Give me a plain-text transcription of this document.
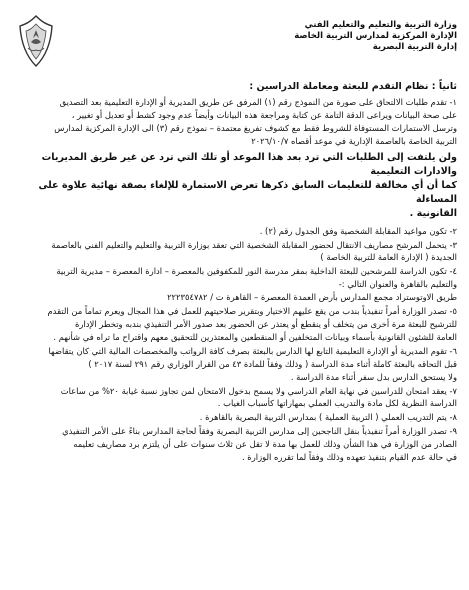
وزارة التربية والتعليم والتعليم الفني
الإدارة المركزية لمدارس التربية الخاصة
إدارة التربية البصرية
ثانياً : نظام التقدم للبعثة ومعاملة الدراسين :

١- تقدم طلبات الالتحاق على صورة من النموذج رقم (١) المرفق عن طريق المديرية أو الإدارة التعليمية بعد التصديق

على صحة البيانات ويراعى الدقة التامة عن كتابة ومراجعة هذه البيانات وأيضاً عدم وجود كشط أو تعديل أو تغيير ،

وترسل الاستمارات المستوفاة للشروط فقط مع كشوف تفريغ معتمدة – نموذج رقم (٣) الى الإدارة المركزية لمدارس

التربية الخاصة بالعاصمة الإدارية في موعد أقصاه ٢٠٢٦/١٠/٧

ولن يلتفت إلى الطلبات التي ترد بعد هذا الموعد أو تلك التي ترد عن غير طريق المديريات والادارات التعليمية
كما أن أي مخالفة للتعليمات السابق ذكرها تعرض الاستمارة للإلغاء بصفة نهائية علاوة على المساءلة
القانونية .

٢- تكون مواعيد المقابلة الشخصية وفق الجدول رقم (٢) .

٣- يتحمل المرشح مصاريف الانتقال لحضور المقابلة الشخصية التي تعقد بوزارة التربية والتعليم والتعليم الفني بالعاصمة

الجديدة ( الإدارة العامة للتربية الخاصة )

٤- تكون الدراسة للمرشحين للبعثة الداخلية بمقر مدرسة النور للمكفوفين بالمعصرة – ادارة المعصرة – مديرية التربية

والتعليم بالقاهرة والعنوان التالي :-

طريق الاوتوستراد مجمع المدارس بأرض العمدة المعصرة – القاهرة ت / ٢٢٢٣٥٤٧٨٢

٥- تصدر الوزارة أمراً تنفيذياً بندب من يقع عليهم الاختيار وبتقرير صلاحيتهم للعمل في هذا المجال ويعرم تماماً من التقدم

للترشيح للبعثة مرة أخرى من يتخلف أو ينقطع أو يعتذر عن الحضور بعد صدور الأمر التنفيذي بندبه وتخطر الإدارة

العامة للشئون القانونية بأسماء وبيانات المتخلفين أو المنقطعين والمعتذرين للتحقيق معهم واقتراح ما تراه في شأنهم .

٦- تقوم المديرية أو الإدارة التعليمية التابع لها الدارس بالبعثة بصرف كافة الرواتب والمخصصات المالية التي كان يتقاضها

قبل التحاقه بالبعثة كاملة أثناء مدة الدراسة ( وذلك وفقاً للمادة ٤٣ من القرار الوزاري رقم ٢٩١ لسنة ٢٠١٧ )

ولا يستحق الدارس بدل سفر أثناء مدة الدراسة .

٧- يعقد امتحان للدراسين في نهاية العام الدراسي ولا يسمح بدخول الامتحان لمن تجاوز نسبة غيابة ٢٠% من ساعات

الدراسة النظرية لكل مادة والتدريب العملي بمهاراتها كأسباب الغياب .

٨- يتم التدريب العملي ( التربية العملية ) بمدارس التربية البصرية بالقاهرة .

٩- تصدر الوزارة أمراً تنفيذياً بنقل الناجحين إلى مدارس التربية البصرية وفقاً لحاجة المدارس بناءً على الأمر التنفيذي

الصادر من الوزارة في هذا الشأن وذلك للعمل بها مدة لا تقل عن ثلاث سنوات على أن يلتزم برد مصاريف تعليمه

في حالة عدم القيام بتنفيذ تعهده وذلك وفقاً لما تقرره الوزارة .
